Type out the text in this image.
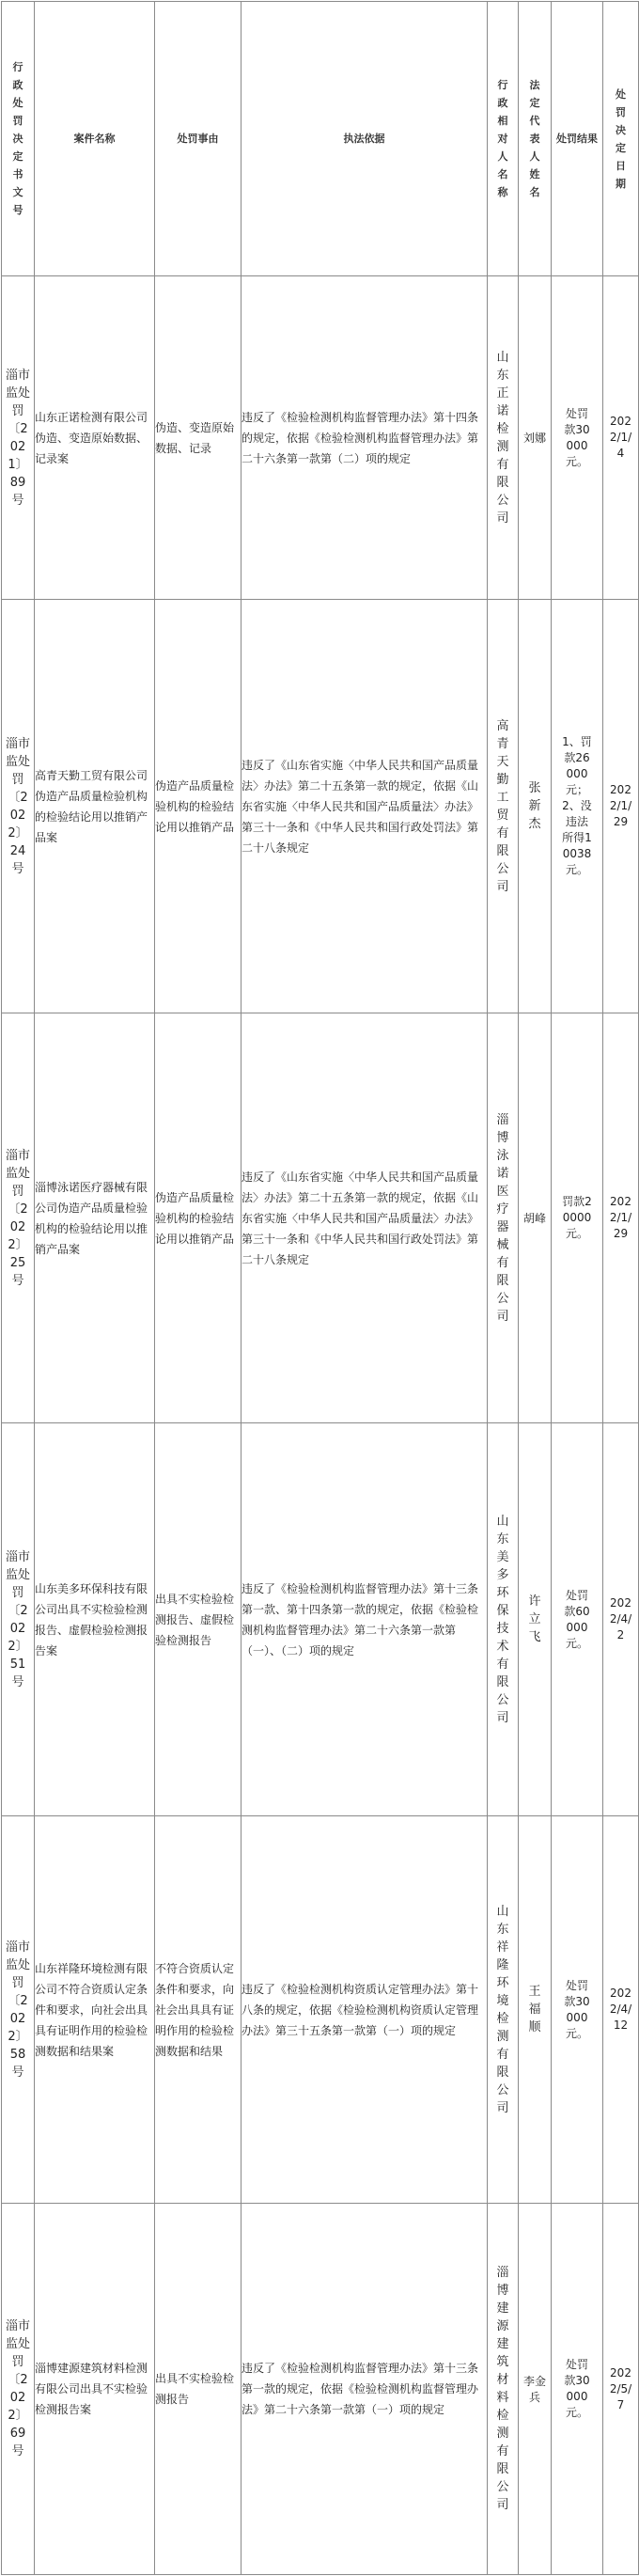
行政处罚决定书文号	案件名称	处罚事由	执法依据	行政相对人名称	法定代表人姓名	处罚结果	处罚决定日期

淄市监处罚〔2021〕89号	山东正诺检测有限公司伪造、变造原始数据、记录案	伪造、变造原始数据、记录	违反了《检验检测机构监督管理办法》第十四条的规定，依据《检验检测机构监督管理办法》第二十六条第一款第（二）项的规定	山东正诺检测有限公司	刘娜	处罚款30000元。	2022/1/4

淄市监处罚〔2022〕24号	高青天勤工贸有限公司伪造产品质量检验机构的检验结论用以推销产品案	伪造产品质量检验机构的检验结论用以推销产品	违反了《山东省实施〈中华人民共和国产品质量法〉办法》第二十五条第一款的规定，依据《山东省实施〈中华人民共和国产品质量法〉办法》第三十一条和《中华人民共和国行政处罚法》第二十八条规定	高青天勤工贸有限公司	张新杰	1、罚款26000元；2、没违法所得10038元。	2022/1/29

淄市监处罚〔2022〕25号	淄博泳诺医疗器械有限公司伪造产品质量检验机构的检验结论用以推销产品案	伪造产品质量检验机构的检验结论用以推销产品	违反了《山东省实施〈中华人民共和国产品质量法〉办法》第二十五条第一款的规定，依据《山东省实施〈中华人民共和国产品质量法〉办法》第三十一条和《中华人民共和国行政处罚法》第二十八条规定	淄博泳诺医疗器械有限公司	胡峰	罚款20000元。	2022/1/29

淄市监处罚〔2022〕51号	山东美多环保科技有限公司出具不实检验检测报告、虚假检验检测报告案	出具不实检验检测报告、虚假检验检测报告	违反了《检验检测机构监督管理办法》第十三条第一款、第十四条第一款的规定，依据《检验检测机构监督管理办法》第二十六条第一款第（一）、（二）项的规定	山东美多环保技术有限公司	许立飞	处罚款60000元。	2022/4/2

淄市监处罚〔2022〕58号	山东祥隆环境检测有限公司不符合资质认定条件和要求，向社会出具具有证明作用的检验检测数据和结果案	不符合资质认定条件和要求，向社会出具具有证明作用的检验检测数据和结果	违反了《检验检测机构资质认定管理办法》第十八条的规定，依据《检验检测机构资质认定管理办法》第三十五条第一款第（一）项的规定	山东祥隆环境检测有限公司	王福顺	处罚款30000元。	2022/4/12

淄市监处罚〔2022〕69号	淄博建源建筑材料检测有限公司出具不实检验检测报告案	出具不实检验检测报告	违反了《检验检测机构监督管理办法》第十三条第一款的规定，依据《检验检测机构监督管理办法》第二十六条第一款第（一）项的规定	淄博建源建筑材料检测有限公司	李金兵	处罚款30000元。	2022/5/7
